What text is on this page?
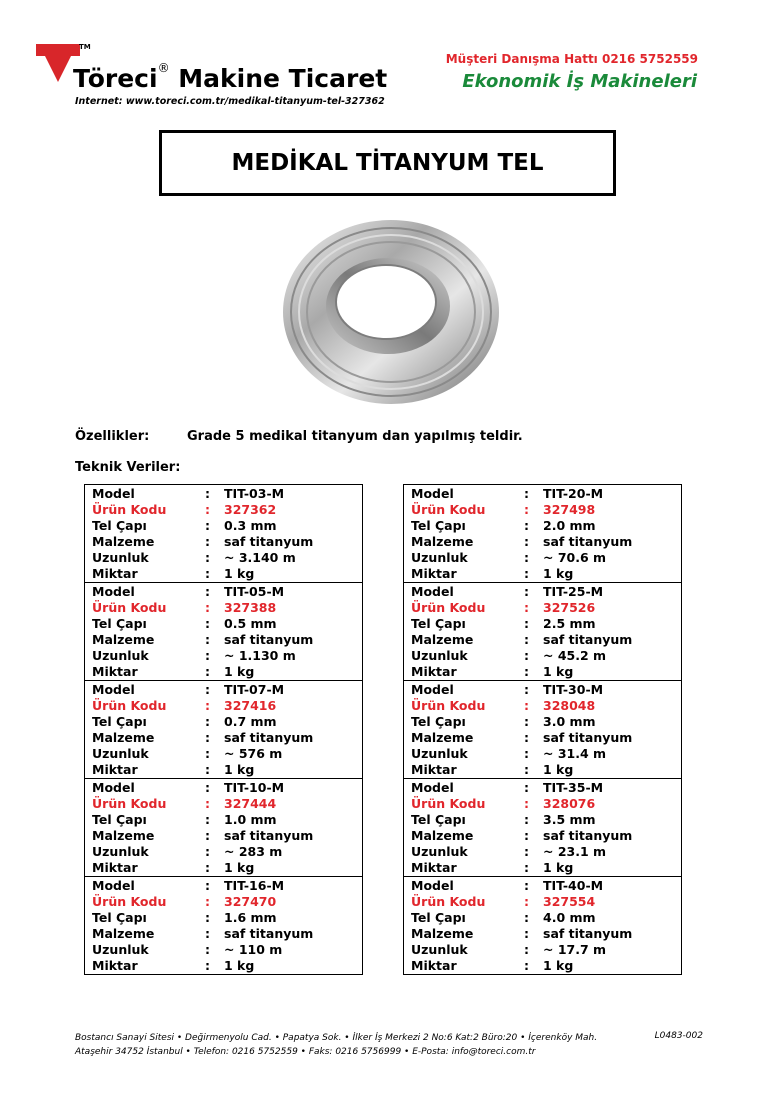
TM
Töreci® Makine Ticaret
Internet: www.toreci.com.tr/medikal-titanyum-tel-327362
Müşteri Danışma Hattı 0216 5752559
Ekonomik İş Makineleri
MEDİKAL TİTANYUM TEL
Özellikler:	Grade 5 medikal titanyum dan yapılmış teldir.
Teknik Veriler:
Model	: TIT-03-M
Ürün Kodu	: 327362
Tel Çapı	: 0.3 mm
Malzeme	: saf titanyum
Uzunluk	: ~ 3.140 m
Miktar	: 1 kg
Model	: TIT-05-M
Ürün Kodu	: 327388
Tel Çapı	: 0.5 mm
Malzeme	: saf titanyum
Uzunluk	: ~ 1.130 m
Miktar	: 1 kg
Model	: TIT-07-M
Ürün Kodu	: 327416
Tel Çapı	: 0.7 mm
Malzeme	: saf titanyum
Uzunluk	: ~ 576 m
Miktar	: 1 kg
Model	: TIT-10-M
Ürün Kodu	: 327444
Tel Çapı	: 1.0 mm
Malzeme	: saf titanyum
Uzunluk	: ~ 283 m
Miktar	: 1 kg
Model	: TIT-16-M
Ürün Kodu	: 327470
Tel Çapı	: 1.6 mm
Malzeme	: saf titanyum
Uzunluk	: ~ 110 m
Miktar	: 1 kg
Model	: TIT-20-M
Ürün Kodu	: 327498
Tel Çapı	: 2.0 mm
Malzeme	: saf titanyum
Uzunluk	: ~ 70.6 m
Miktar	: 1 kg
Model	: TIT-25-M
Ürün Kodu	: 327526
Tel Çapı	: 2.5 mm
Malzeme	: saf titanyum
Uzunluk	: ~ 45.2 m
Miktar	: 1 kg
Model	: TIT-30-M
Ürün Kodu	: 328048
Tel Çapı	: 3.0 mm
Malzeme	: saf titanyum
Uzunluk	: ~ 31.4 m
Miktar	: 1 kg
Model	: TIT-35-M
Ürün Kodu	: 328076
Tel Çapı	: 3.5 mm
Malzeme	: saf titanyum
Uzunluk	: ~ 23.1 m
Miktar	: 1 kg
Model	: TIT-40-M
Ürün Kodu	: 327554
Tel Çapı	: 4.0 mm
Malzeme	: saf titanyum
Uzunluk	: ~ 17.7 m
Miktar	: 1 kg
Bostancı Sanayi Sitesi • Değirmenyolu Cad. • Papatya Sok. • İlker İş Merkezi 2 No:6 Kat:2 Büro:20 • İçerenköy Mah.
Ataşehir 34752 İstanbul • Telefon: 0216 5752559 • Faks: 0216 5756999 • E-Posta: info@toreci.com.tr
L0483-002
